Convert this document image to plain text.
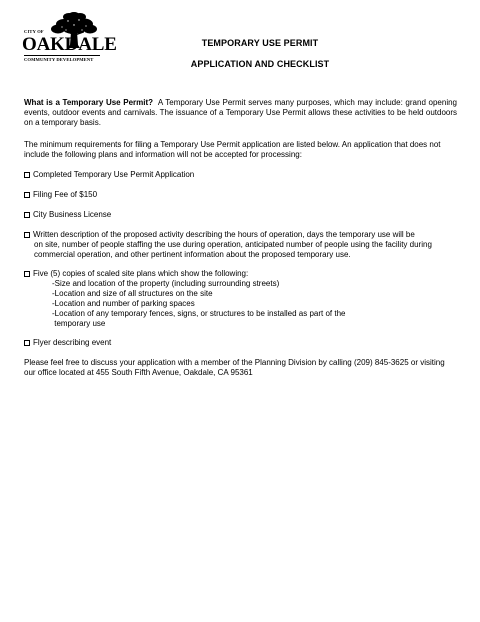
CITY OF
OAKDALE
COMMUNITY DEVELOPMENT
TEMPORARY USE PERMIT
APPLICATION AND CHECKLIST
What is a Temporary Use Permit? A Temporary Use Permit serves many purposes, which may include: grand opening events, outdoor events and carnivals. The issuance of a Temporary Use Permit allows these activities to be held outdoors on a temporary basis.
The minimum requirements for filing a Temporary Use Permit application are listed below. An application that does not include the following plans and information will not be accepted for processing:
Completed Temporary Use Permit Application
Filing Fee of $150
City Business License
Written description of the proposed activity describing the hours of operation, days the temporary use will be
on site, number of people staffing the use during operation, anticipated number of people using the facility during commercial operation, and other pertinent information about the proposed temporary use.
Five (5) copies of scaled site plans which show the following:
-Size and location of the property (including surrounding streets)
-Location and size of all structures on the site
-Location and number of parking spaces
-Location of any temporary fences, signs, or structures to be installed as part of the
temporary use
Flyer describing event
Please feel free to discuss your application with a member of the Planning Division by calling (209) 845-3625 or visiting our office located at 455 South Fifth Avenue, Oakdale, CA 95361
